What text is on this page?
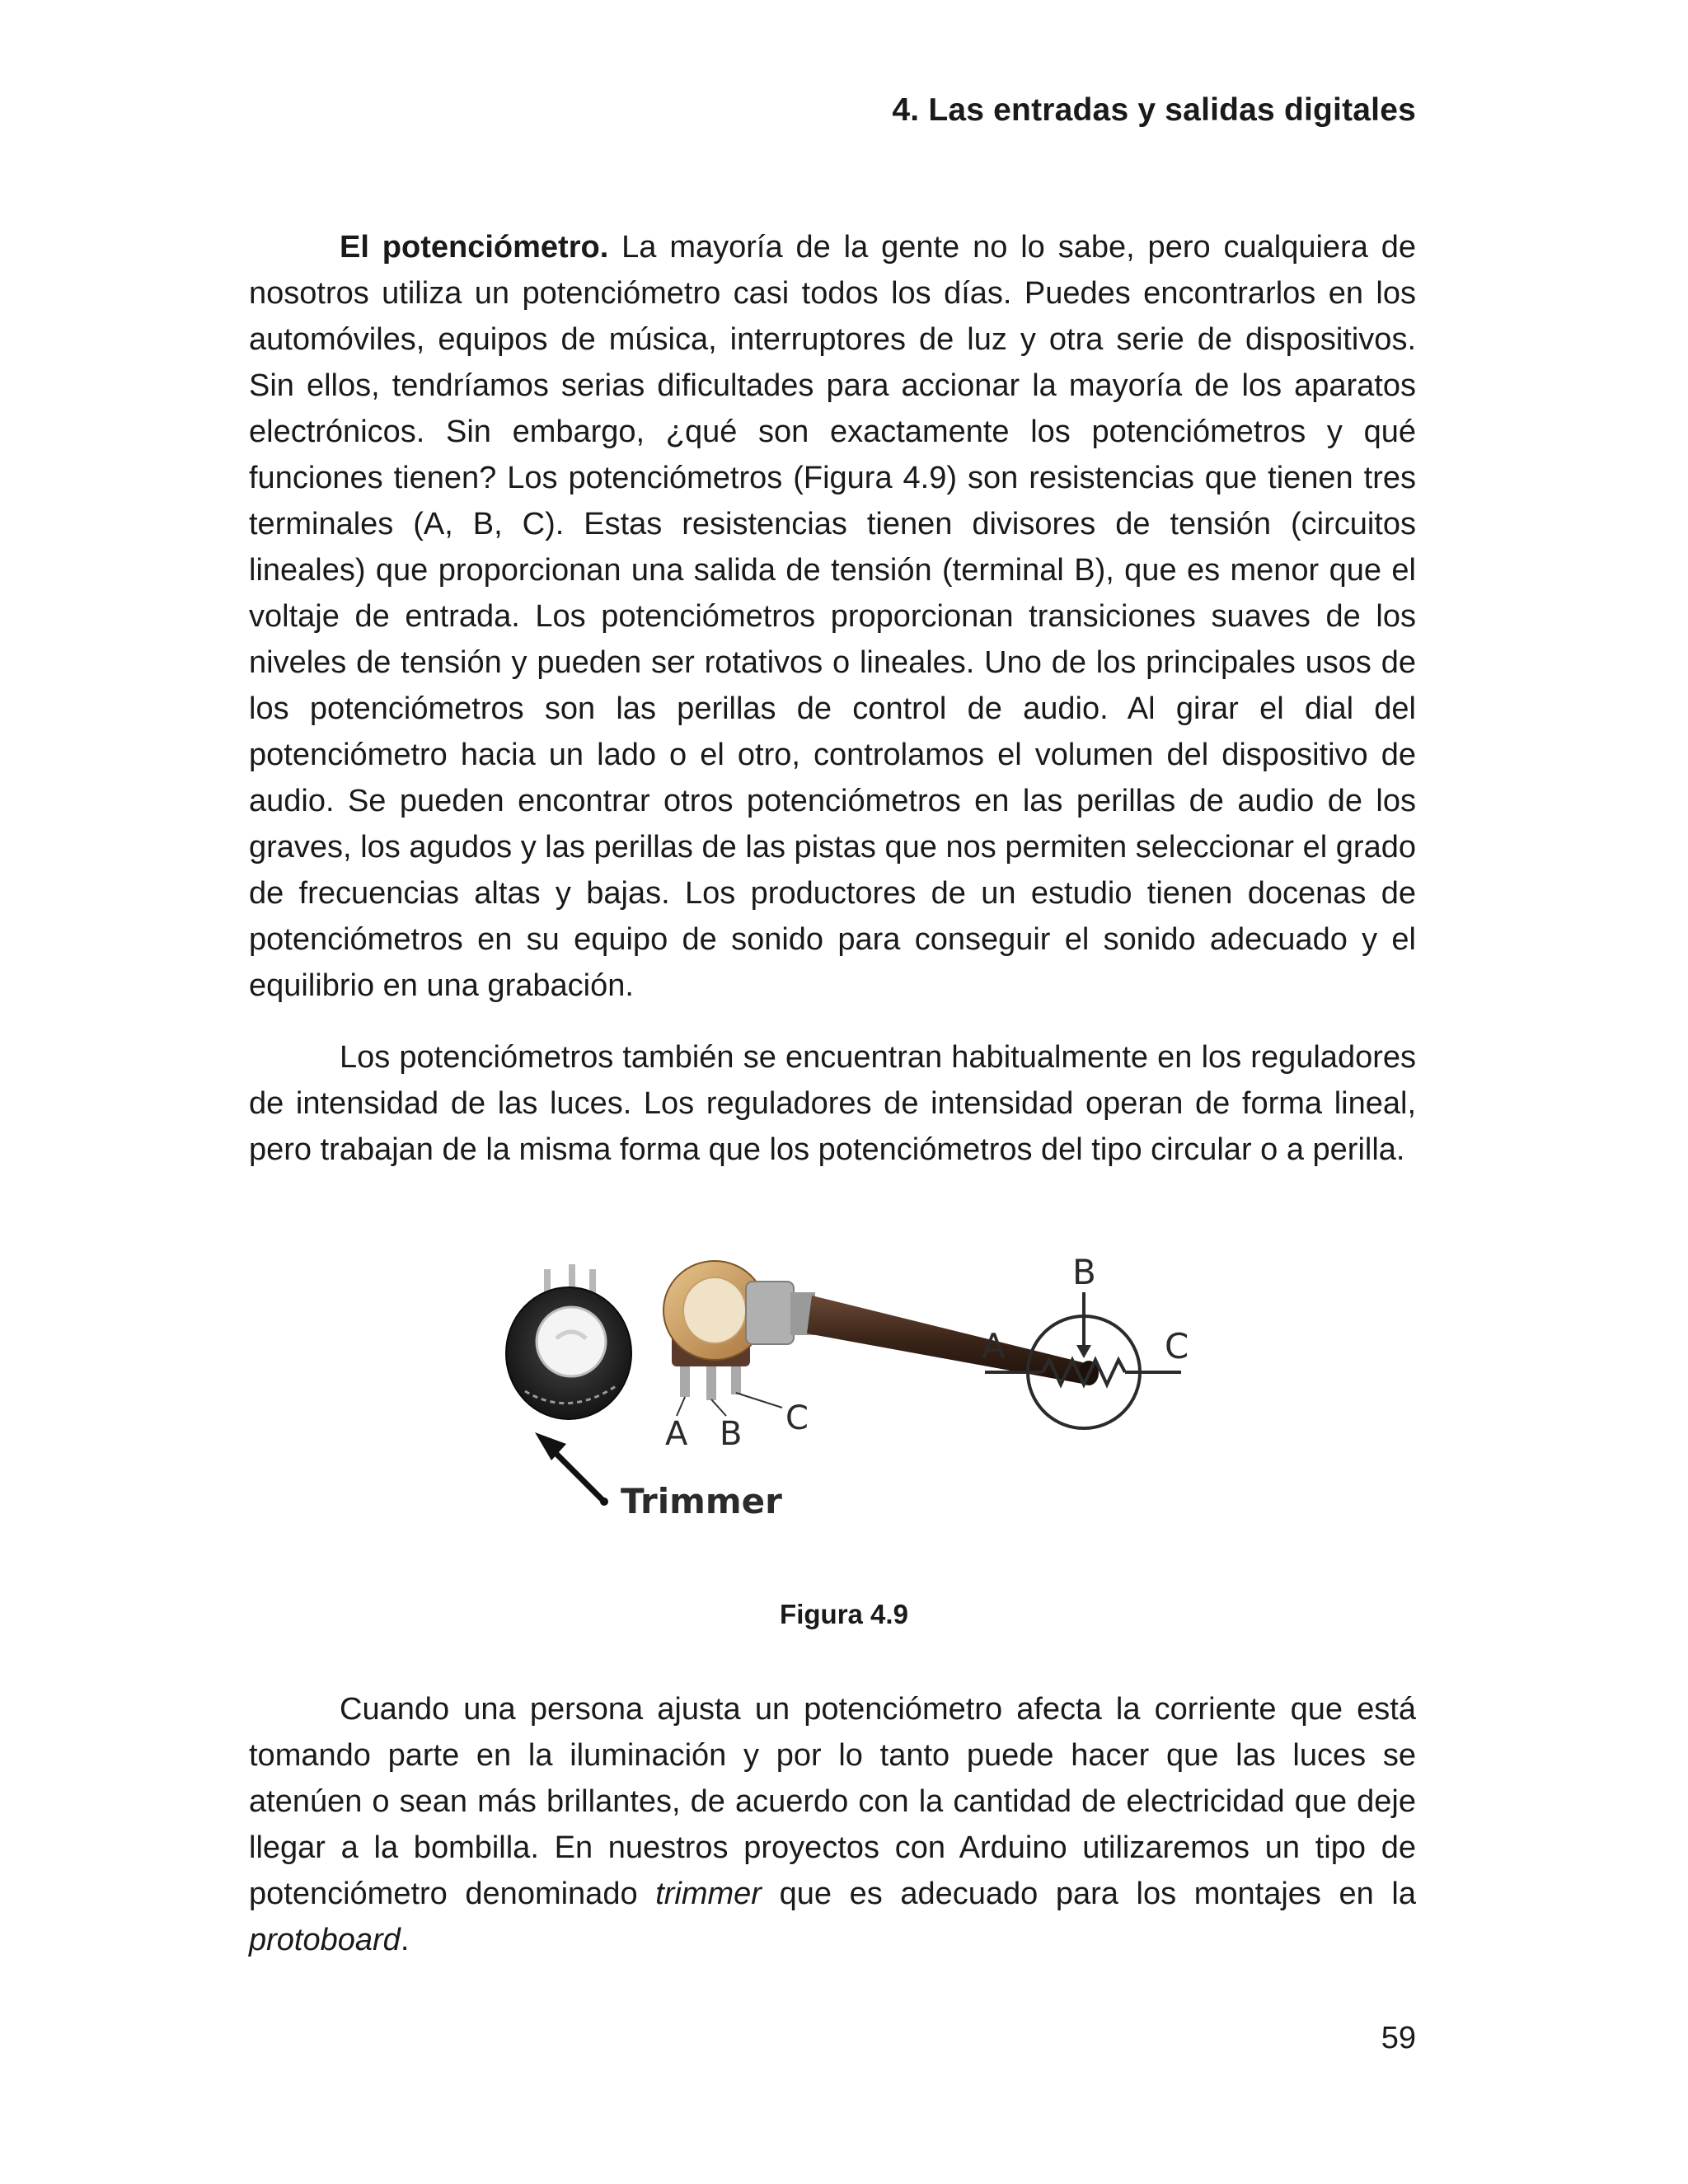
4. Las entradas y salidas digitales

El potenciómetro. La mayoría de la gente no lo sabe, pero cualquiera de nosotros utiliza un potenciómetro casi todos los días. Puedes encontrarlos en los automóviles, equipos de música, interruptores de luz y otra serie de dispositivos. Sin ellos, tendríamos serias dificultades para accionar la mayoría de los aparatos electrónicos. Sin embargo, ¿qué son exactamente los potenciómetros y qué funciones tienen? Los potenciómetros (Figura 4.9) son resistencias que tienen tres terminales (A, B, C). Estas resistencias tienen divisores de tensión (circuitos lineales) que proporcionan una salida de tensión (terminal B), que es menor que el voltaje de entrada. Los potenciómetros proporcionan transiciones suaves de los niveles de tensión y pueden ser rotativos o lineales. Uno de los principales usos de los potenciómetros son las perillas de control de audio. Al girar el dial del potenciómetro hacia un lado o el otro, controlamos el volumen del dispositivo de audio. Se pueden encontrar otros potenciómetros en las perillas de audio de los graves, los agudos y las perillas de las pistas que nos permiten seleccionar el grado de frecuencias altas y bajas. Los productores de un estudio tienen docenas de potenciómetros en su equipo de sonido para conseguir el sonido adecuado y el equilibrio en una grabación.

Los potenciómetros también se encuentran habitualmente en los reguladores de intensidad de las luces. Los reguladores de intensidad operan de forma lineal, pero trabajan de la misma forma que los potenciómetros del tipo circular o a perilla.

Trimmer
A B C
B
A	C
Figura 4.9

Cuando una persona ajusta un potenciómetro afecta la corriente que está tomando parte en la iluminación y por lo tanto puede hacer que las luces se atenúen o sean más brillantes, de acuerdo con la cantidad de electricidad que deje llegar a la bombilla. En nuestros proyectos con Arduino utilizaremos un tipo de potenciómetro denominado trimmer que es adecuado para los montajes en la protoboard.

59
